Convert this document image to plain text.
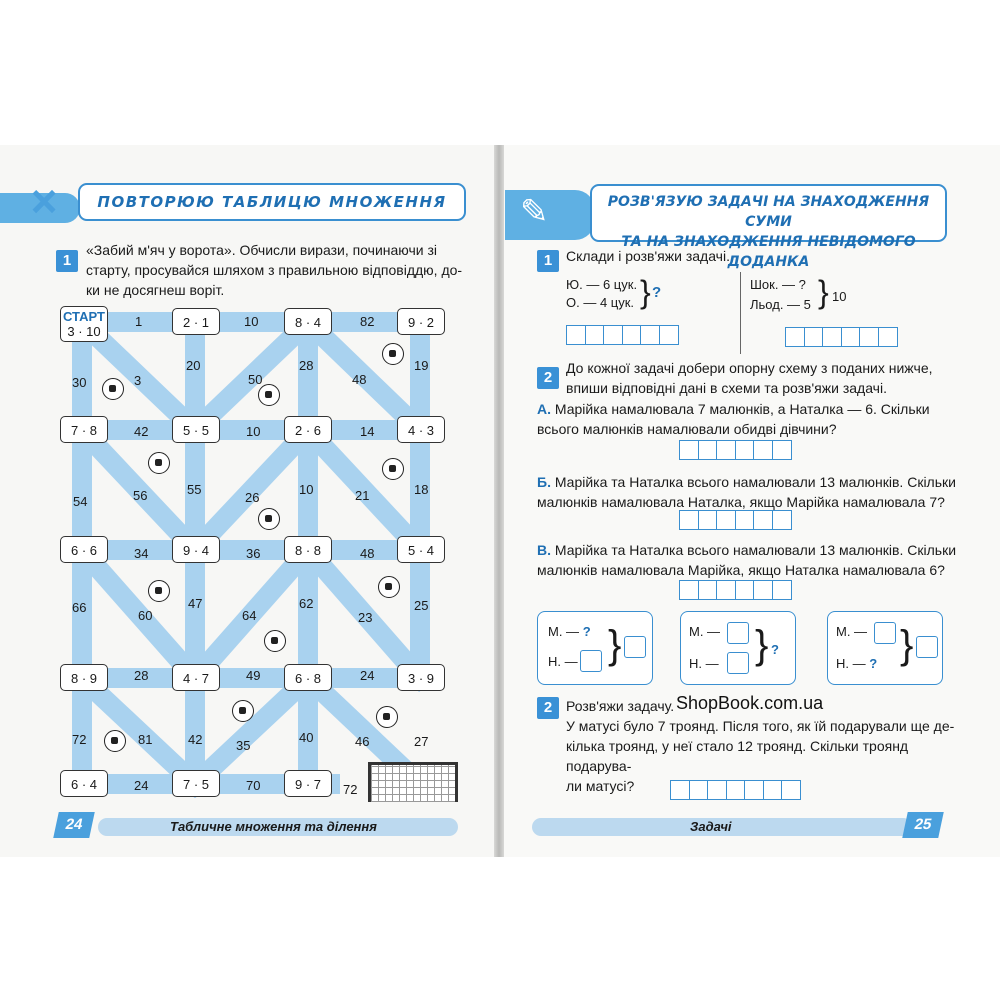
×	ПОВТОРЮЮ ТАБЛИЦЮ МНОЖЕННЯ
1
«Забий м'яч у ворота». Обчисли вирази, починаючи зі
старту, просувайся шляхом з правильною відповіддю, до-
ки не досягнеш воріт.
СТАРТ
3 · 10
2 · 1	8 · 4	9 · 2
7 · 8	5 · 5	2 · 6	4 · 3
6 · 6	9 · 4	8 · 8	5 · 4
8 · 9	4 · 7	6 · 8	3 · 9
6 · 4	7 · 5	9 · 7
1	10	82
20	28
48
19
30	3	50
42	10	14
54	56	55
26
10	21	18
34	36	48
66
60
47
64
62
23
25
28	49	24
72	81	42	35
40	46	27
24	70	72
Табличне множення та ділення
24
✎	РОЗВ'ЯЗУЮ ЗАДАЧІ НА ЗНАХОДЖЕННЯ СУМИ
ТА НА ЗНАХОДЖЕННЯ НЕВІДОМОГО ДОДАНКА
1 Склади і розв'яжи задачі.
Ю. — 6 цук.
О. — 4 цук. } ?	Шок. — ?
Льод. — 5 } 10
2
До кожної задачі добери опорну схему з поданих нижче,
впиши відповідні дані в схеми та розв'яжи задачі.
А. Марійка намалювала 7 малюнків, а Наталка — 6. Скільки
всього малюнків намалювали обидві дівчини?
Б. Марійка та Наталка всього намалювали 13 малюнків. Скільки
малюнків намалювала Наталка, якщо Марійка намалювала 7?
В. Марійка та Наталка всього намалювали 13 малюнків. Скільки
малюнків намалювала Марійка, якщо Наталка намалювала 6?
М. — ?
Н. — }	М. —
Н. — } ?
М. —
Н. — ? }
2 Розв'яжи задачу. ShopBook.com.ua
У матусі було 7 троянд. Після того, як їй подарували ще де-
кілька троянд, у неї стало 12 троянд. Скільки троянд подарува-
ли матусі?
Задачі	25
